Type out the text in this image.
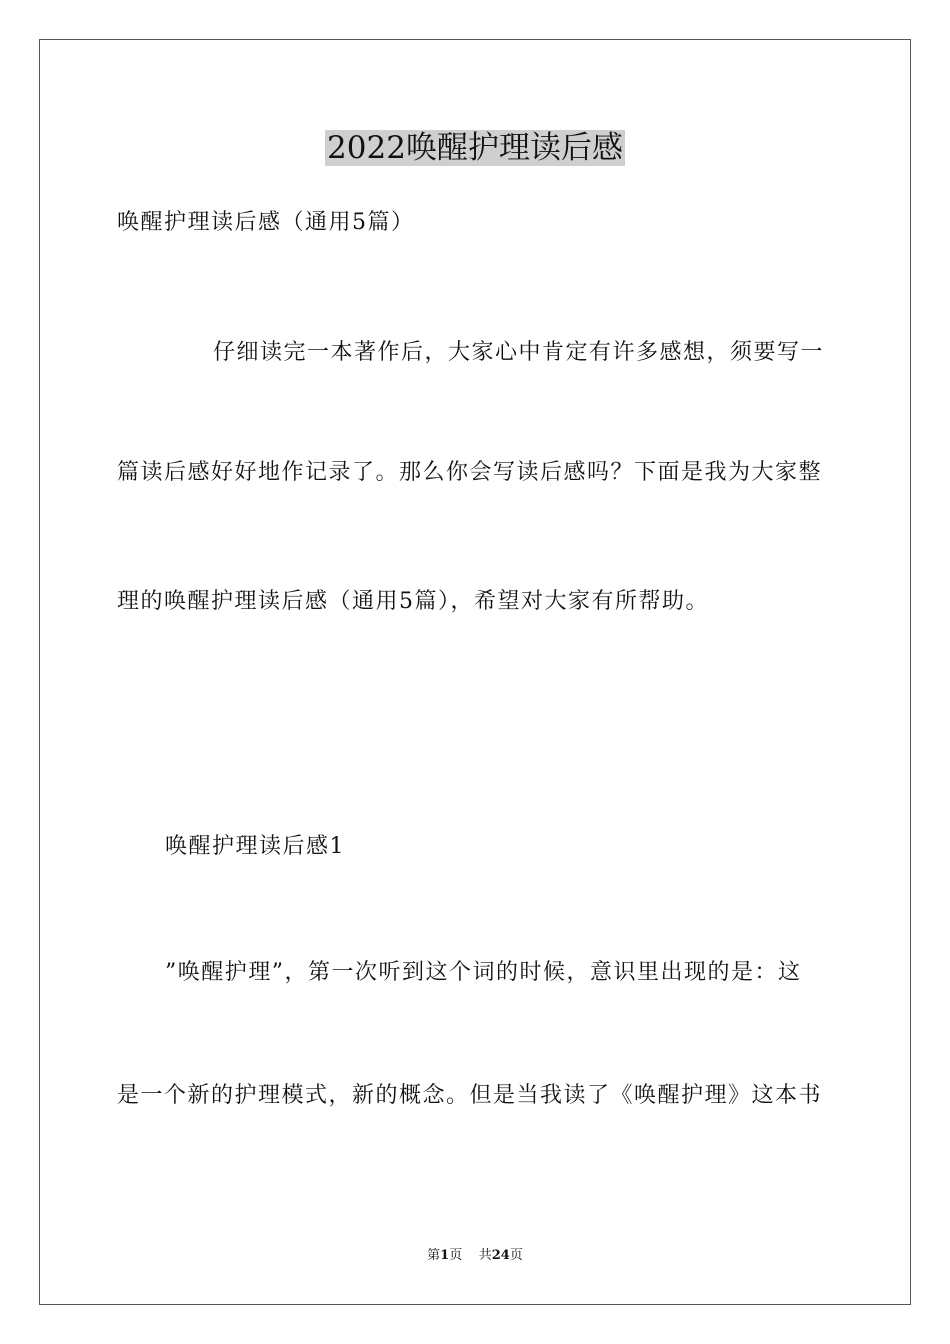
2022唤醒护理读后感
唤醒护理读后感（通用5篇）
仔细读完一本著作后，大家心中肯定有许多感想，须要写一
篇读后感好好地作记录了。那么你会写读后感吗？下面是我为大家整
理的唤醒护理读后感（通用5篇），希望对大家有所帮助。
唤醒护理读后感1
”唤醒护理”，第一次听到这个词的时候，意识里出现的是：这
是一个新的护理模式，新的概念。但是当我读了《唤醒护理》这本书
第1页 共24页
